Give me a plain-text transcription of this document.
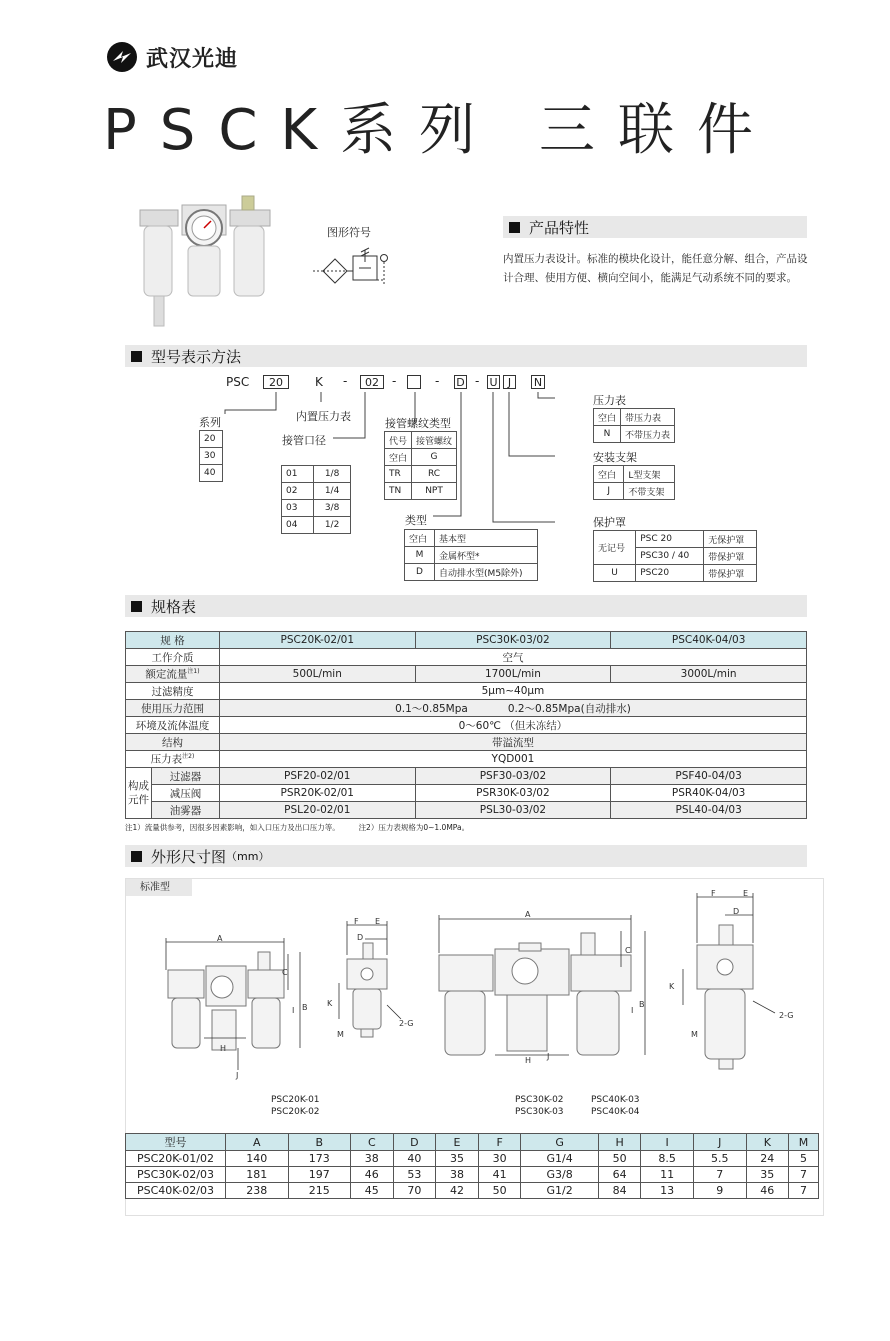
武汉光迪
PSCK系列 三联件
图形符号	产品特性
内置压力表设计。标准的模块化设计，能任意分解、组合，产品设
计合理、使用方便、横向空间小，能满足气动系统不同的要求。
型号表示方法
PSC	20	K -	02	- □ - D - U J	N
系列
20
30
40
内置压力表
接管口径
01	1/8
02	1/4
03	3/8
04	1/2
接管螺纹类型
代号	接管螺纹
空白	G
TR	RC
TN	NPT
类型
空白	基本型
M	金属杯型*
D	自动排水型(M5除外)
压力表
空白	带压力表
N	不带压力表
安装支架
空白	L型支架
J	不带支架
保护罩
无记号	PSC 20	无保护罩
	PSC30 / 40	带保护罩
U	PSC20	带保护罩
规格表
规 格		PSC20K-02/01	PSC30K-03/02	PSC40K-04/03
工作介质		空气		
额定流量$^{注1)}$		500L/min	1700L/min	3000L/min
过滤精度		5μm~40μm		
使用压力范围		0.1〜0.85Mpa 0.2〜0.85Mpa(自动排水)		
环境及流体温度		0〜60℃ （但未冻结）		
结构		带溢流型		
压力表$^{注2)}$		YQD001		

构成
元件	过滤器	PSF20-02/01	PSF30-03/02	PSF40-04/03
	减压阀	PSR20K-02/01	PSR30K-03/02	PSR40K-04/03
	油雾器	PSL20-02/01	PSL30-03/02	PSL40-04/03
注1）流量供参考，因很多因素影响，如入口压力及出口压力等。	注2）压力表规格为0~1.0MPa。
外形尺寸图 （mm）
标准型
A
C
B
I
H
J
F E
D
K
2-G
M
A
C
B
I
H J
F	E
D
K
2-G
M
PSC20K-01
PSC20K-02
PSC30K-02
PSC30K-03
PSC40K-03
PSC40K-04
型号	A	B	C	D	E	F	G	H	I	J	K	M
PSC20K-01/02	140	173	38	40	35	30	G1/4	50	8.5	5.5	24	5
PSC30K-02/03	181	197	46	53	38	41	G3/8	64	11	7	35	7
PSC40K-02/03	238	215	45	70	42	50	G1/2	84	13	9	46	7
